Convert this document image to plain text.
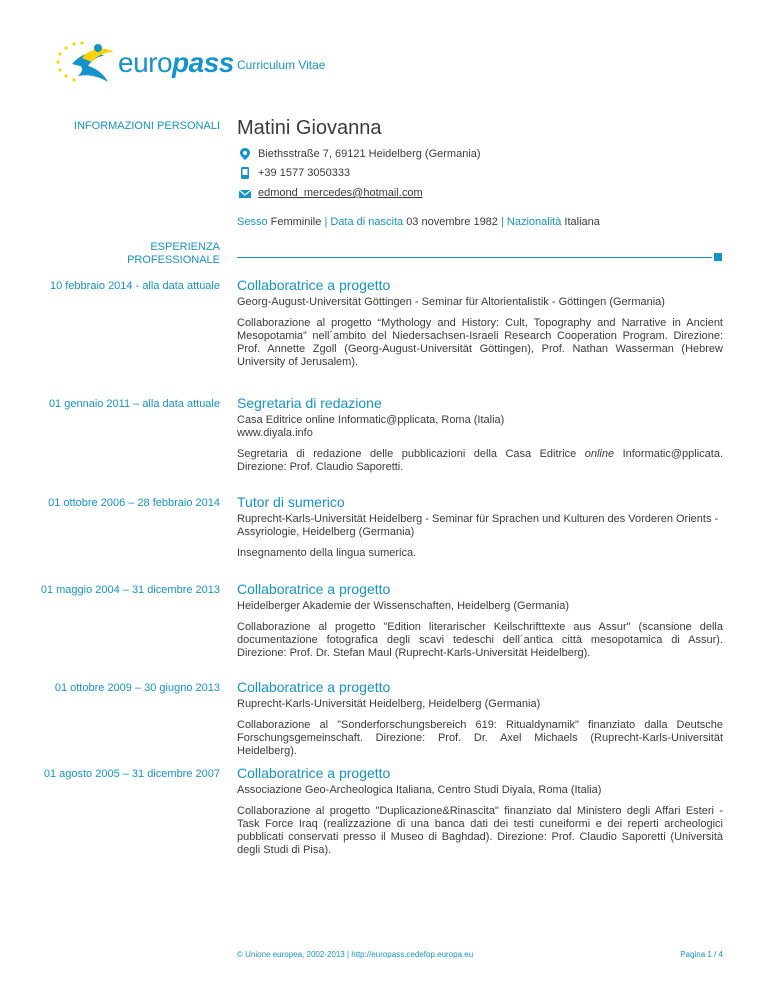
europass Curriculum Vitae
INFORMAZIONI PERSONALI Matini Giovanna
Biethsstraße 7, 69121 Heidelberg (Germania)
+39 1577 3050333
edmond_mercedes@hotmail.com
Sesso Femminile | Data di nascita 03 novembre 1982 | Nazionalità Italiana
ESPERIENZA
PROFESSIONALE
10 febbraio 2014 - alla data attuale Collaboratrice a progetto
Georg-August-Universität Göttingen - Seminar für Altorientalistik - Göttingen (Germania)
Collaborazione al progetto “Mythology and History: Cult, Topography and Narrative in Ancient Mesopotamia” nell´ambito del Niedersachsen-Israeli Research Cooperation Program. Direzione: Prof. Annette Zgoll (Georg-August-Universität Göttingen), Prof. Nathan Wasserman (Hebrew University of Jerusalem).
01 gennaio 2011 – alla data attuale Segretaria di redazione
Casa Editrice online Informatic@pplicata, Roma (Italia)
www.diyala.info
Segretaria di redazione delle pubblicazioni della Casa Editrice online Informatic@pplicata. Direzione: Prof. Claudio Saporetti.
01 ottobre 2006 – 28 febbraio 2014 Tutor di sumerico
Ruprecht-Karls-Universität Heidelberg - Seminar für Sprachen und Kulturen des Vorderen Orients - Assyriologie, Heidelberg (Germania)
Insegnamento della lingua sumerica.
01 maggio 2004 – 31 dicembre 2013 Collaboratrice a progetto
Heidelberger Akademie der Wissenschaften, Heidelberg (Germania)
Collaborazione al progetto "Edition literarischer Keilschrifttexte aus Assur" (scansione della documentazione fotografica degli scavi tedeschi dell´antica città mesopotamica di Assur). Direzione: Prof. Dr. Stefan Maul (Ruprecht-Karls-Universität Heidelberg).
01 ottobre 2009 – 30 giugno 2013 Collaboratrice a progetto
Ruprecht-Karls-Universität Heidelberg, Heidelberg (Germania)
Collaborazione al "Sonderforschungsbereich 619: Ritualdynamik" finanziato dalla Deutsche Forschungsgemeinschaft. Direzione: Prof. Dr. Axel Michaels (Ruprecht-Karls-Universität Heidelberg).
01 agosto 2005 – 31 dicembre 2007 Collaboratrice a progetto
Associazione Geo-Archeologica Italiana, Centro Studi Diyala, Roma (Italia)
Collaborazione al progetto "Duplicazione&Rinascita" finanziato dal Ministero degli Affari Esteri - Task Force Iraq (realizzazione di una banca dati dei testi cuneiformi e dei reperti archeologici pubblicati conservati presso il Museo di Baghdad). Direzione: Prof. Claudio Saporetti (Università degli Studi di Pisa).
© Unione europea, 2002-2013 | http://europass.cedefop.europa.eu	Pagina 1 / 4
